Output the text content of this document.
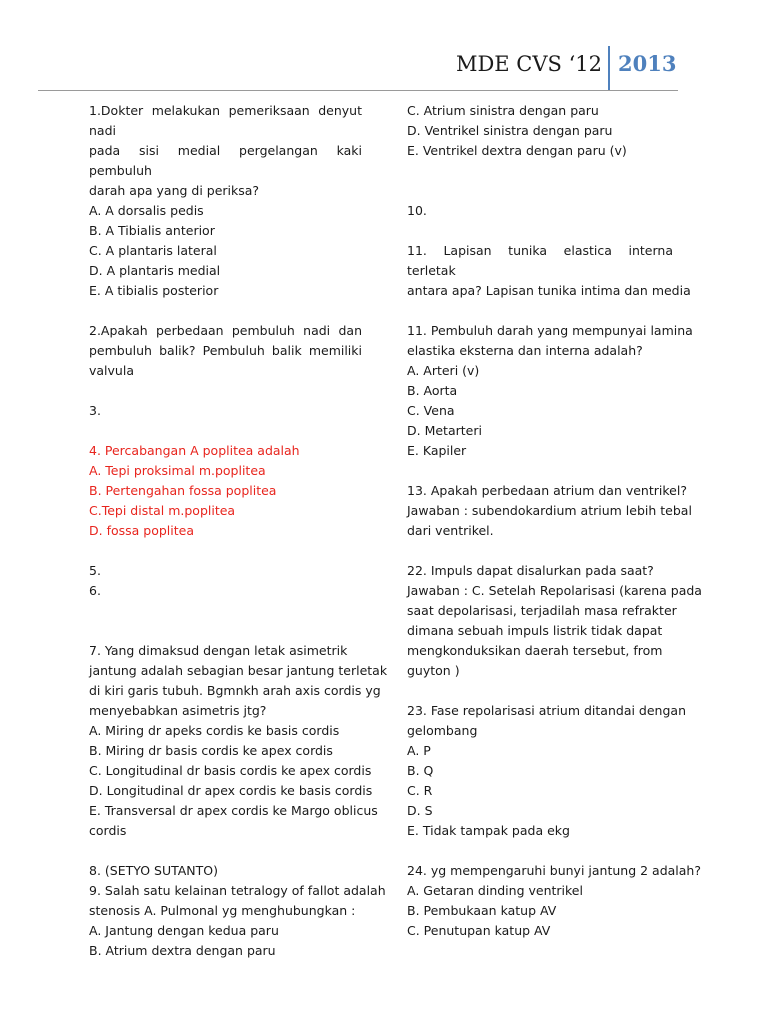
MDE CVS ‘12 2013
1.Dokter melakukan pemeriksaan denyut nadi
pada sisi medial pergelangan kaki pembuluh
darah apa yang di periksa?
A. A dorsalis pedis
B. A Tibialis anterior
C. A plantaris lateral
D. A plantaris medial
E. A tibialis posterior
2.Apakah perbedaan pembuluh nadi dan
pembuluh balik? Pembuluh balik memiliki
valvula
3.
4. Percabangan A poplitea adalah
A. Tepi proksimal m.poplitea
B. Pertengahan fossa poplitea
C.Tepi distal m.poplitea
D. fossa poplitea
5.
6.
7. Yang dimaksud dengan letak asimetrik
jantung adalah sebagian besar jantung terletak
di kiri garis tubuh. Bgmnkh arah axis cordis yg
menyebabkan asimetris jtg?
A. Miring dr apeks cordis ke basis cordis
B. Miring dr basis cordis ke apex cordis
C. Longitudinal dr basis cordis ke apex cordis
D. Longitudinal dr apex cordis ke basis cordis
E. Transversal dr apex cordis ke Margo oblicus
cordis
8. (SETYO SUTANTO)
9. Salah satu kelainan tetralogy of fallot adalah
stenosis A. Pulmonal yg menghubungkan :
A. Jantung dengan kedua paru
B. Atrium dextra dengan paru
C. Atrium sinistra dengan paru
D. Ventrikel sinistra dengan paru
E. Ventrikel dextra dengan paru (v)
10.
11. Lapisan tunika elastica interna terletak
antara apa? Lapisan tunika intima dan media
11. Pembuluh darah yang mempunyai lamina
elastika eksterna dan interna adalah?
A. Arteri (v)
B. Aorta
C. Vena
D. Metarteri
E. Kapiler
13. Apakah perbedaan atrium dan ventrikel?
Jawaban : subendokardium atrium lebih tebal
dari ventrikel.
22. Impuls dapat disalurkan pada saat?
Jawaban : C. Setelah Repolarisasi (karena pada
saat depolarisasi, terjadilah masa refrakter
dimana sebuah impuls listrik tidak dapat
mengkonduksikan daerah tersebut, from
guyton )
23. Fase repolarisasi atrium ditandai dengan
gelombang
A. P
B. Q
C. R
D. S
E. Tidak tampak pada ekg
24. yg mempengaruhi bunyi jantung 2 adalah?
A. Getaran dinding ventrikel
B. Pembukaan katup AV
C. Penutupan katup AV
